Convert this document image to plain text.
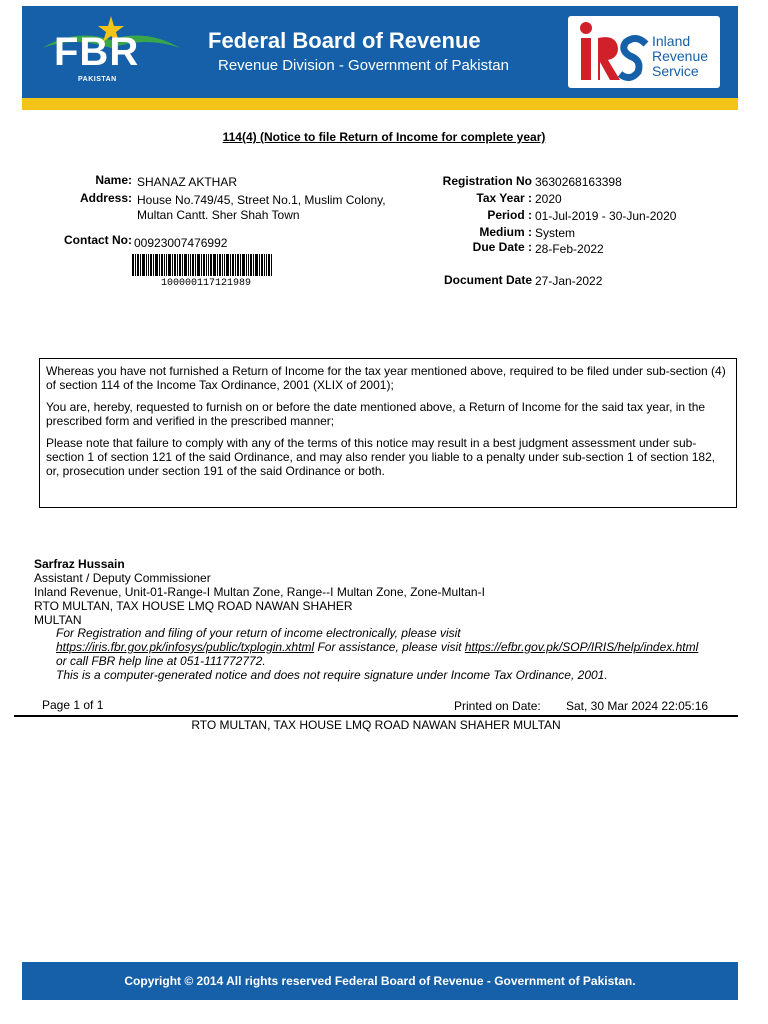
FBR
PAKISTAN
Federal Board of Revenue
Revenue Division - Government of Pakistan
Inland
Revenue
Service
114(4) (Notice to file Return of Income for complete year)
Name: SHANAZ AKTHAR
Address: House No.749/45, Street No.1, Muslim Colony,
Multan Cantt. Sher Shah Town
Contact No: 00923007476992
100000117121989
Registration No 3630268163398
Tax Year : 2020
Period : 01-Jul-2019 - 30-Jun-2020
Medium : System
Due Date : 28-Feb-2022
Document Date 27-Jan-2022

Whereas you have not furnished a Return of Income for the tax year mentioned above, required to be filed under sub-section (4) of section 114 of the Income Tax Ordinance, 2001 (XLIX of 2001);

You are, hereby, requested to furnish on or before the date mentioned above, a Return of Income for the said tax year, in the prescribed form and verified in the prescribed manner;

Please note that failure to comply with any of the terms of this notice may result in a best judgment assessment under sub-section 1 of section 121 of the said Ordinance, and may also render you liable to a penalty under sub-section 1 of section 182, or, prosecution under section 191 of the said Ordinance or both.

Sarfraz Hussain
Assistant / Deputy Commissioner
Inland Revenue, Unit-01-Range-I Multan Zone, Range--I Multan Zone, Zone-Multan-I
RTO MULTAN, TAX HOUSE LMQ ROAD NAWAN SHAHER
MULTAN
For Registration and filing of your return of income electronically, please visit
https://iris.fbr.gov.pk/infosys/public/txplogin.xhtml For assistance, please visit https://efbr.gov.pk/SOP/IRIS/help/index.html
or call FBR help line at 051-111772772.
This is a computer-generated notice and does not require signature under Income Tax Ordinance, 2001.
Page 1 of 1	Printed on Date: Sat, 30 Mar 2024 22:05:16
RTO MULTAN, TAX HOUSE LMQ ROAD NAWAN SHAHER MULTAN
Copyright © 2014 All rights reserved Federal Board of Revenue - Government of Pakistan.
